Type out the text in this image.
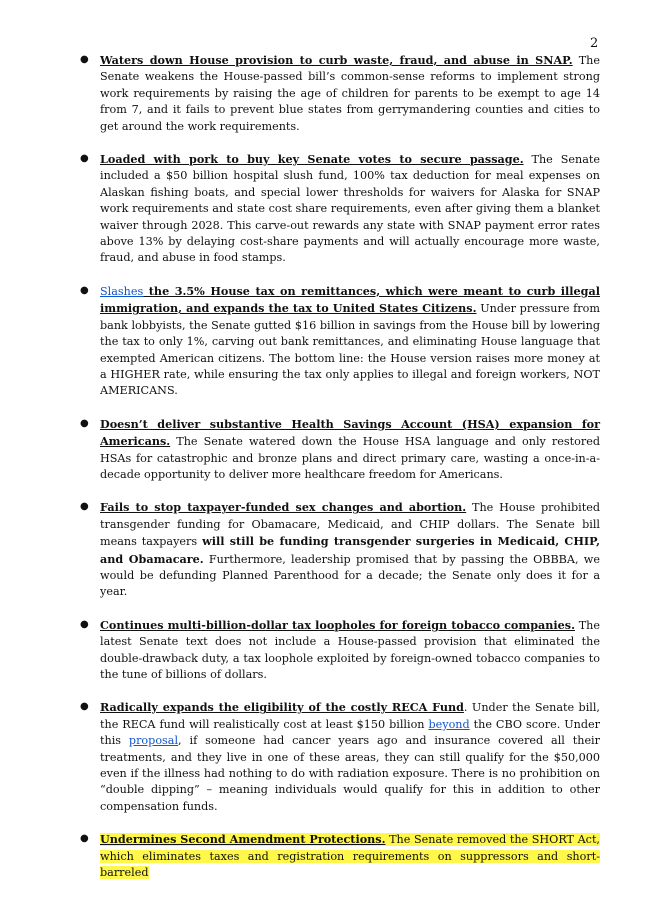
2
● Waters down House provision to curb waste, fraud, and abuse in SNAP. The Senate weakens the House-passed bill’s common-sense reforms to implement strong work requirements by raising the age of children for parents to be exempt to age 14 from 7, and it fails to prevent blue states from gerrymandering counties and cities to get around the work requirements.
● Loaded with pork to buy key Senate votes to secure passage. The Senate included a $50 billion hospital slush fund, 100% tax deduction for meal expenses on Alaskan fishing boats, and special lower thresholds for waivers for Alaska for SNAP work requirements and state cost share requirements, even after giving them a blanket waiver through 2028. This carve-out rewards any state with SNAP payment error rates above 13% by delaying cost-share payments and will actually encourage more waste, fraud, and abuse in food stamps.
● Slashes the 3.5% House tax on remittances, which were meant to curb illegal immigration, and expands the tax to United States Citizens. Under pressure from bank lobbyists, the Senate gutted $16 billion in savings from the House bill by lowering the tax to only 1%, carving out bank remittances, and eliminating House language that exempted American citizens. The bottom line: the House version raises more money at a HIGHER rate, while ensuring the tax only applies to illegal and foreign workers, NOT AMERICANS.
● Doesn’t deliver substantive Health Savings Account (HSA) expansion for Americans. The Senate watered down the House HSA language and only restored HSAs for catastrophic and bronze plans and direct primary care, wasting a once-in-a-decade opportunity to deliver more healthcare freedom for Americans.
● Fails to stop taxpayer-funded sex changes and abortion. The House prohibited transgender funding for Obamacare, Medicaid, and CHIP dollars. The Senate bill means taxpayers will still be funding transgender surgeries in Medicaid, CHIP, and Obamacare. Furthermore, leadership promised that by passing the OBBBA, we would be defunding Planned Parenthood for a decade; the Senate only does it for a year.
● Continues multi-billion-dollar tax loopholes for foreign tobacco companies. The latest Senate text does not include a House-passed provision that eliminated the double-drawback duty, a tax loophole exploited by foreign-owned tobacco companies to the tune of billions of dollars.
● Radically expands the eligibility of the costly RECA Fund. Under the Senate bill, the RECA fund will realistically cost at least $150 billion beyond the CBO score. Under this proposal, if someone had cancer years ago and insurance covered all their treatments, and they live in one of these areas, they can still qualify for the $50,000 even if the illness had nothing to do with radiation exposure. There is no prohibition on “double dipping” – meaning individuals would qualify for this in addition to other compensation funds.
● Undermines Second Amendment Protections. The Senate removed the SHORT Act, which eliminates taxes and registration requirements on suppressors and short-barreled
